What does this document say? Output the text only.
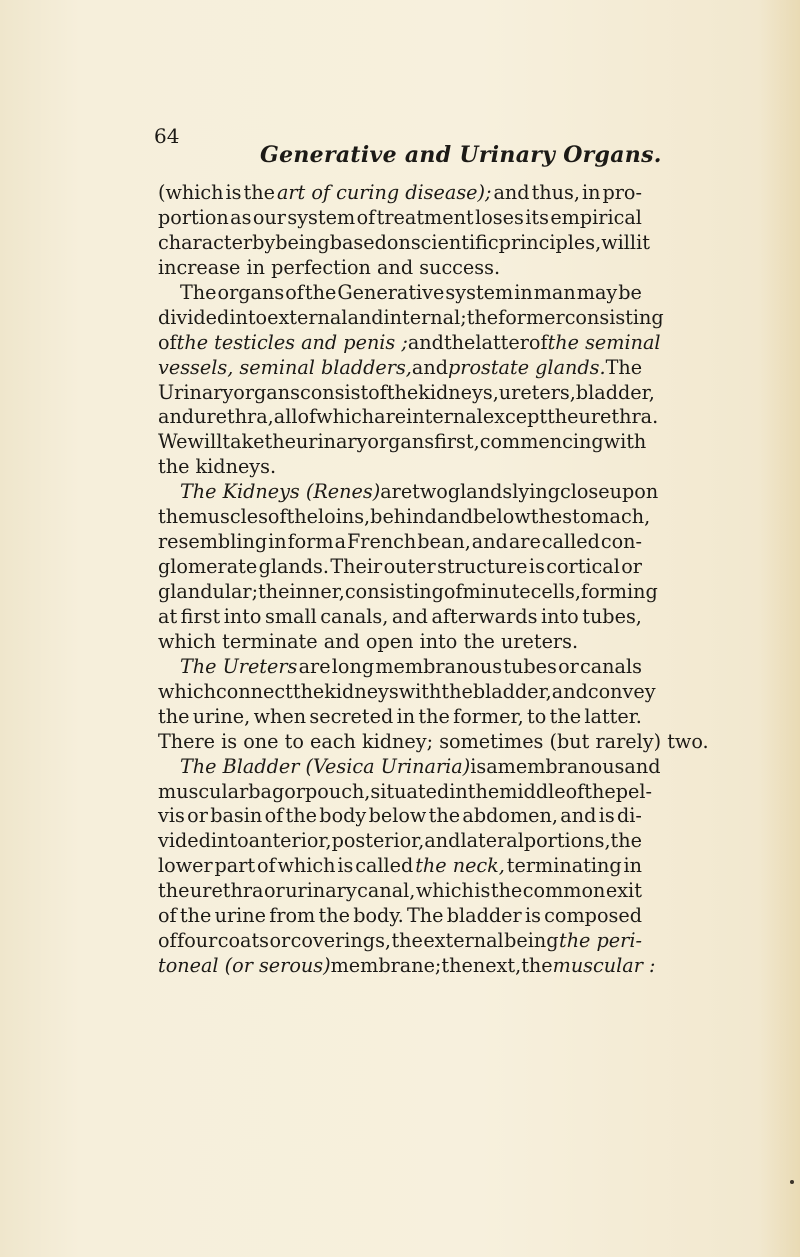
64
Generative and Urinary Organs.
(which is the art of curing disease); and thus, in pro-
portion as our system of treatment loses its empirical
character by being based on scientific principles, will it
increase
in
perfection
and
success.
The organs of the Generative system in man may be
divided into external and internal; the former consisting
of the testicles and penis ; and the latter of the seminal
vessels, seminal bladders, and prostate glands. The
Urinary organs consist of the kidneys, ureters, bladder,
and urethra, all of which are internal except the urethra.
We will take the urinary organs first, commencing with
the
kidneys.
The Kidneys (Renes) are two glands lying close upon
the muscles of the loins, behind and below the stomach,
resembling in form a French bean, and are called con-
glomerate glands. Their outer structure is cortical or
glandular; the inner, consisting of minute cells, forming
at first into small canals, and afterwards into tubes,
which
terminate
and
open
into
the
ureters.
The Ureters are long membranous tubes or canals
which connect the kidneys with the bladder, and convey
the urine, when secreted in the former, to the latter.
There
is
one
to
each
kidney;
sometimes
(but
rarely)
two.
The Bladder (Vesica Urinaria) is a membranous and
muscular bag or pouch, situated in the middle of the pel-
vis or basin of the body below the abdomen, and is di-
vided into anterior, posterior, and lateral portions, the
lower part of which is called the neck, terminating in
the urethra or urinary canal, which is the common exit
of the urine from the body. The bladder is composed
of four coats or coverings, the external being the peri-
toneal (or serous) membrane; the next, the muscular :
